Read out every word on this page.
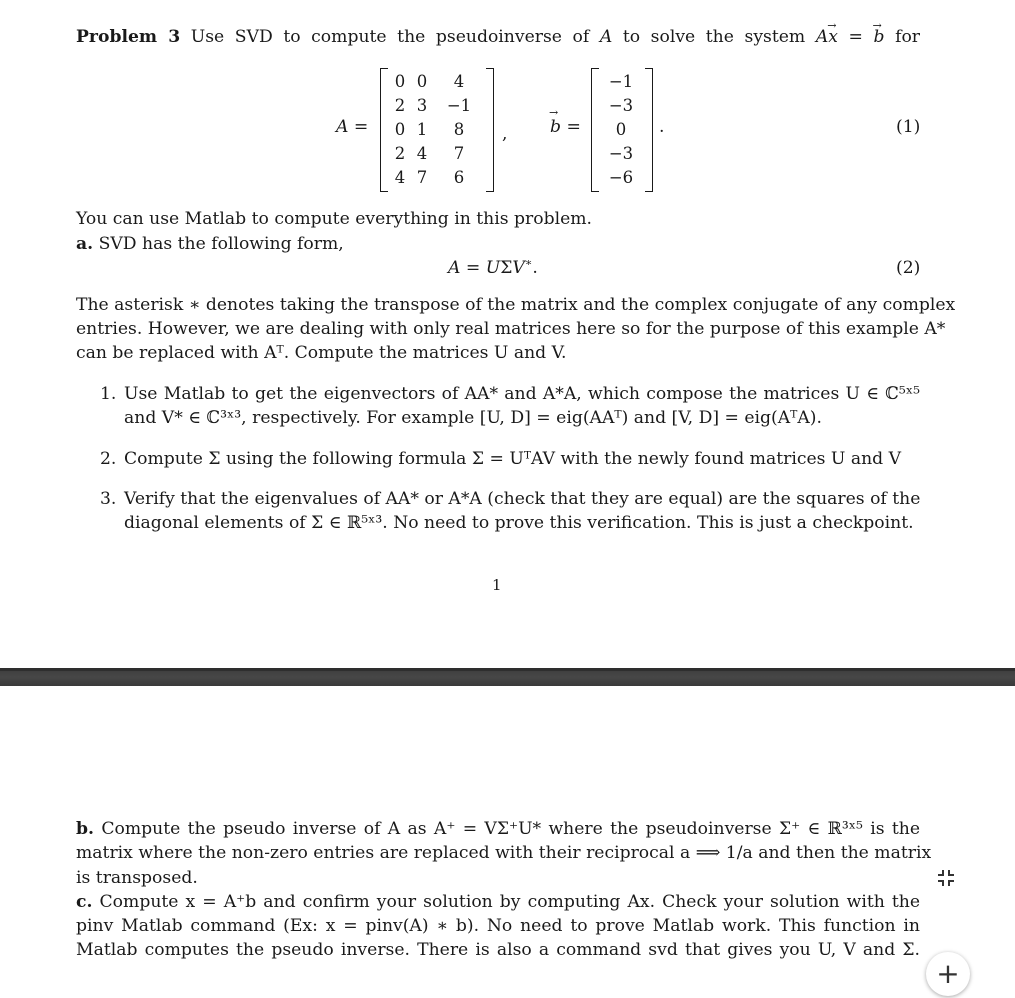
Problem 3 Use SVD to compute the pseudoinverse of A to solve the system A→ x = → b for
A =
0	0	4
2	3	−1
0	1	8
2	4	7
4	7	6
, → b =
−1
−3
0
−3
−6
.	(1)
You can use Matlab to compute everything in this problem.
a. SVD has the following form,
A = UΣV∗.	(2)
The asterisk ∗ denotes taking the transpose of the matrix and the complex conjugate of any complex
entries. However, we are dealing with only real matrices here so for the purpose of this example A*
can be replaced with Aᵀ. Compute the matrices U and V.
1. Use Matlab to get the eigenvectors of AA* and A*A, which compose the matrices U ∈ ℂ⁵ˣ⁵
and V* ∈ ℂ³ˣ³, respectively. For example [U, D] = eig(AAᵀ) and [V, D] = eig(AᵀA).
2. Compute Σ using the following formula Σ = UᵀAV with the newly found matrices U and V
3. Verify that the eigenvalues of AA* or A*A (check that they are equal) are the squares of the
diagonal elements of Σ ∈ ℝ⁵ˣ³. No need to prove this verification. This is just a checkpoint.
1
b. Compute the pseudo inverse of A as A⁺ = VΣ⁺U* where the pseudoinverse Σ⁺ ∈ ℝ³ˣ⁵ is the
matrix where the non-zero entries are replaced with their reciprocal a ⟹ 1/a and then the matrix
is transposed.
c. Compute x = A⁺b and confirm your solution by computing Ax. Check your solution with the
pinv Matlab command (Ex: x = pinv(A) ∗ b). No need to prove Matlab work. This function in
Matlab computes the pseudo inverse. There is also a command svd that gives you U, V and Σ.
+
